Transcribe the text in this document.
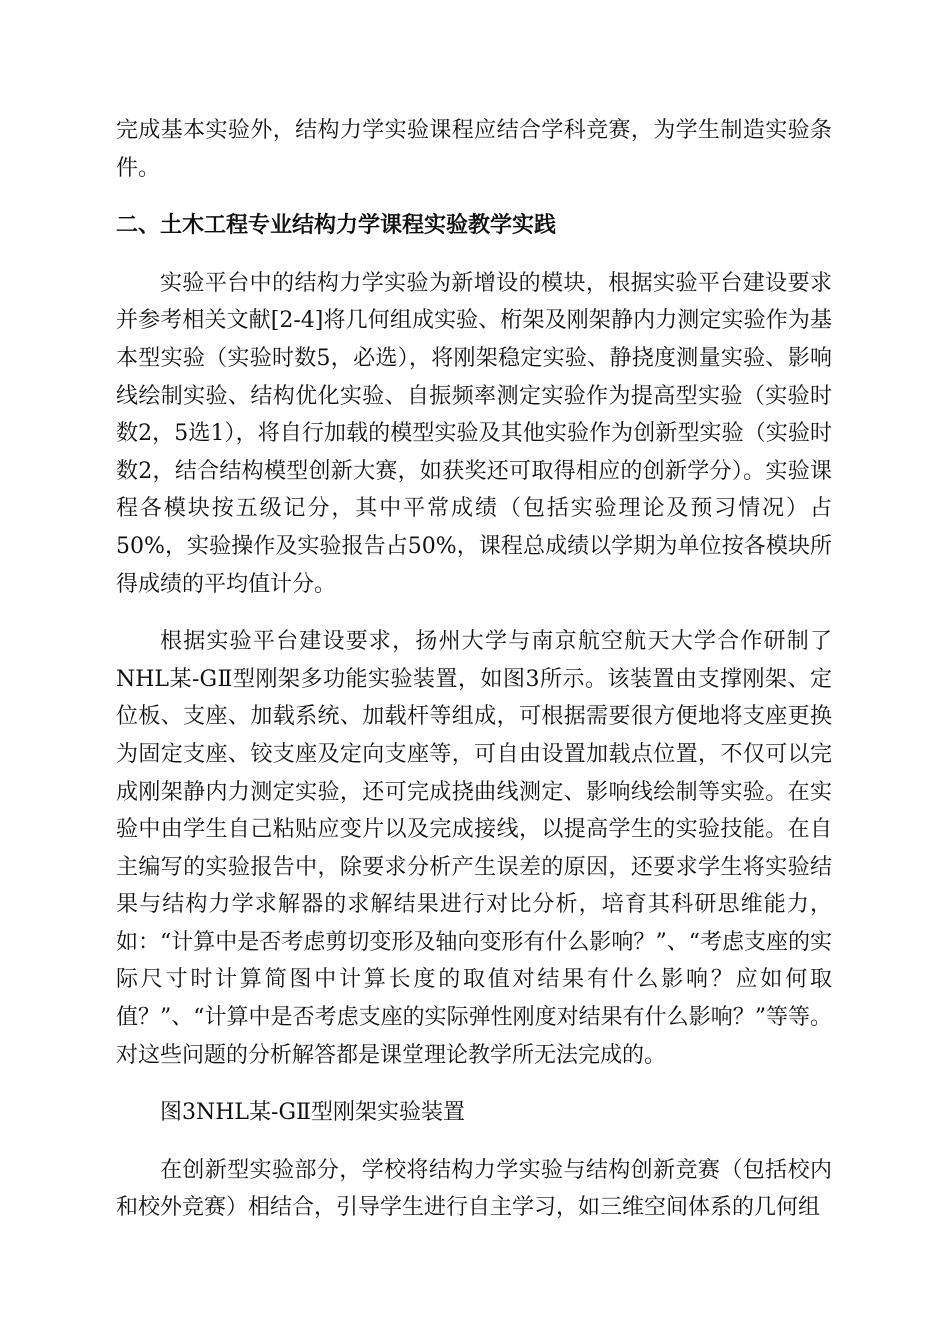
完成基本实验外，结构力学实验课程应结合学科竞赛，为学生制造实验条件。

二、土木工程专业结构力学课程实验教学实践

实验平台中的结构力学实验为新增设的模块，根据实验平台建设要求并参考相关文献[2-4]将几何组成实验、桁架及刚架静内力测定实验作为基本型实验（实验时数5，必选），将刚架稳定实验、静挠度测量实验、影响线绘制实验、结构优化实验、自振频率测定实验作为提高型实验（实验时数2，5选1），将自行加载的模型实验及其他实验作为创新型实验（实验时数2，结合结构模型创新大赛，如获奖还可取得相应的创新学分）。实验课程各模块按五级记分，其中平常成绩（包括实验理论及预习情况）占50%，实验操作及实验报告占50%，课程总成绩以学期为单位按各模块所得成绩的平均值计分。

根据实验平台建设要求，扬州大学与南京航空航天大学合作研制了NHL某-GⅡ型刚架多功能实验装置，如图3所示。该装置由支撑刚架、定位板、支座、加载系统、加载杆等组成，可根据需要很方便地将支座更换为固定支座、铰支座及定向支座等，可自由设置加载点位置，不仅可以完成刚架静内力测定实验，还可完成挠曲线测定、影响线绘制等实验。在实验中由学生自己粘贴应变片以及完成接线，以提高学生的实验技能。在自主编写的实验报告中，除要求分析产生误差的原因，还要求学生将实验结果与结构力学求解器的求解结果进行对比分析，培育其科研思维能力，如：“计算中是否考虑剪切变形及轴向变形有什么影响？”、“考虑支座的实际尺寸时计算简图中计算长度的取值对结果有什么影响？应如何取值？”、“计算中是否考虑支座的实际弹性刚度对结果有什么影响？”等等。对这些问题的分析解答都是课堂理论教学所无法完成的。

图3NHL某-GⅡ型刚架实验装置

在创新型实验部分，学校将结构力学实验与结构创新竞赛（包括校内和校外竞赛）相结合，引导学生进行自主学习，如三维空间体系的几何组
